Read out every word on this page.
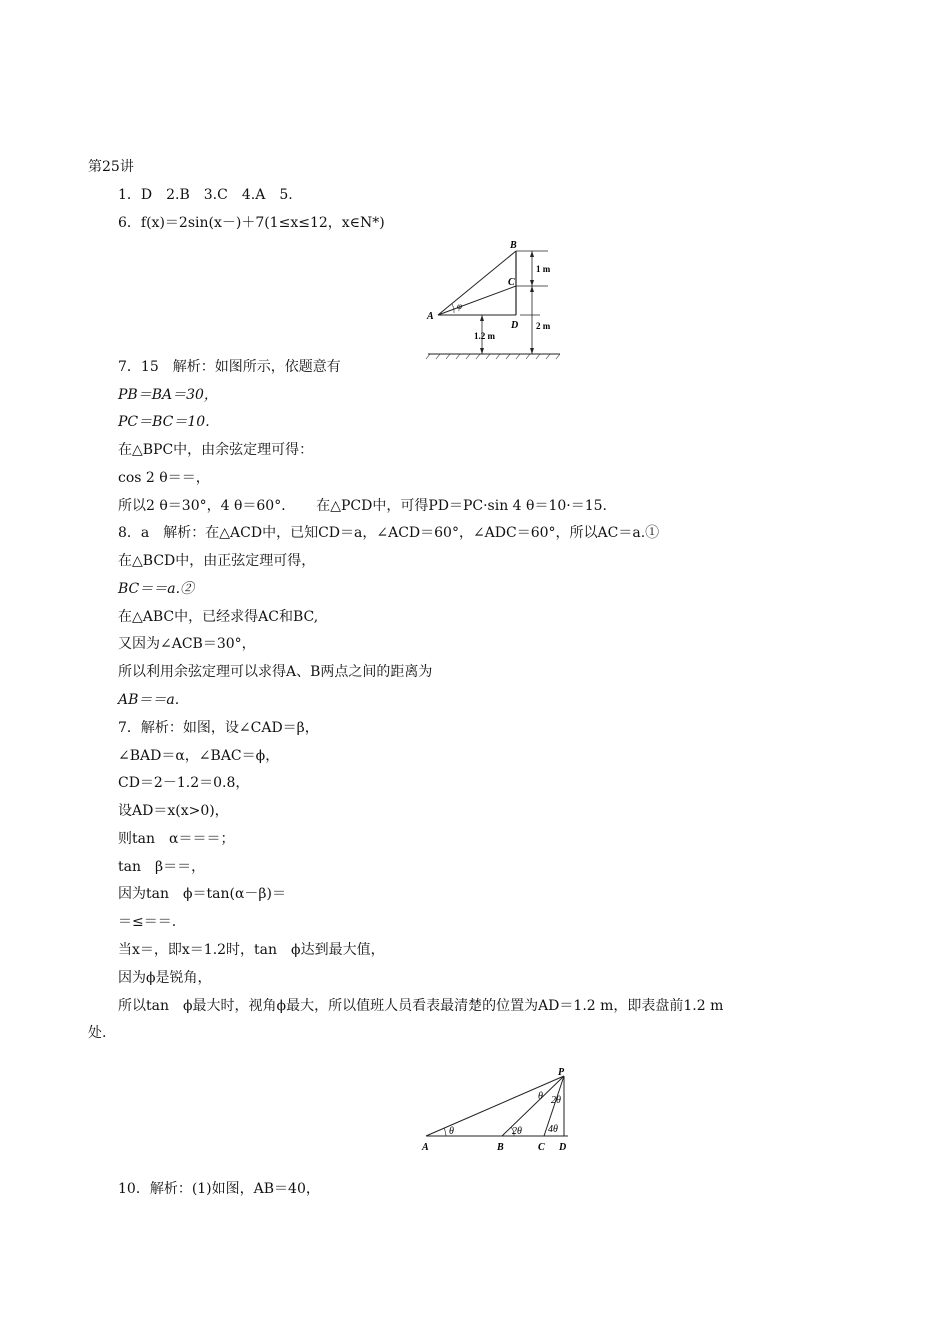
第25讲
1．D　2.B　3.C　4.A　5.
6．f(x)＝2sin(x－)＋7(1≤x≤12，x∈N*)
B
C
A
D
φ
1 m
2 m
1.2 m
7．15　解析：如图所示，依题意有
PB＝BA＝30，
PC＝BC＝10.
在△BPC中，由余弦定理可得：
cos 2 θ＝＝，
所以2 θ＝30°，4 θ＝60°．　　在△PCD中，可得PD＝PC·sin 4 θ＝10·＝15.
8．a　解析：在△ACD中，已知CD＝a，∠ACD＝60°，∠ADC＝60°，所以AC＝a.①
在△BCD中，由正弦定理可得，
BC＝＝a.②
在△ABC中，已经求得AC和BC,
又因为∠ACB＝30°，
所以利用余弦定理可以求得A、B两点之间的距离为
AB＝＝a.
7．解析：如图，设∠CAD＝β，
∠BAD＝α，∠BAC＝ϕ，
CD＝2－1.2＝0.8，
设AD＝x(x>0)，
则tan　α＝＝＝；
tan　β＝＝，
因为tan　ϕ＝tan(α－β)＝
＝≤＝＝.
当x＝，即x＝1.2时，tan　ϕ达到最大值，
因为ϕ是锐角，
所以tan　ϕ最大时，视角ϕ最大，所以值班人员看表最清楚的位置为AD＝1.2 m，即表盘前1.2 m
处.
θ	2θ	4θ
θ 2θ
P
A	B	C D
10．解析：(1)如图，AB＝40，
